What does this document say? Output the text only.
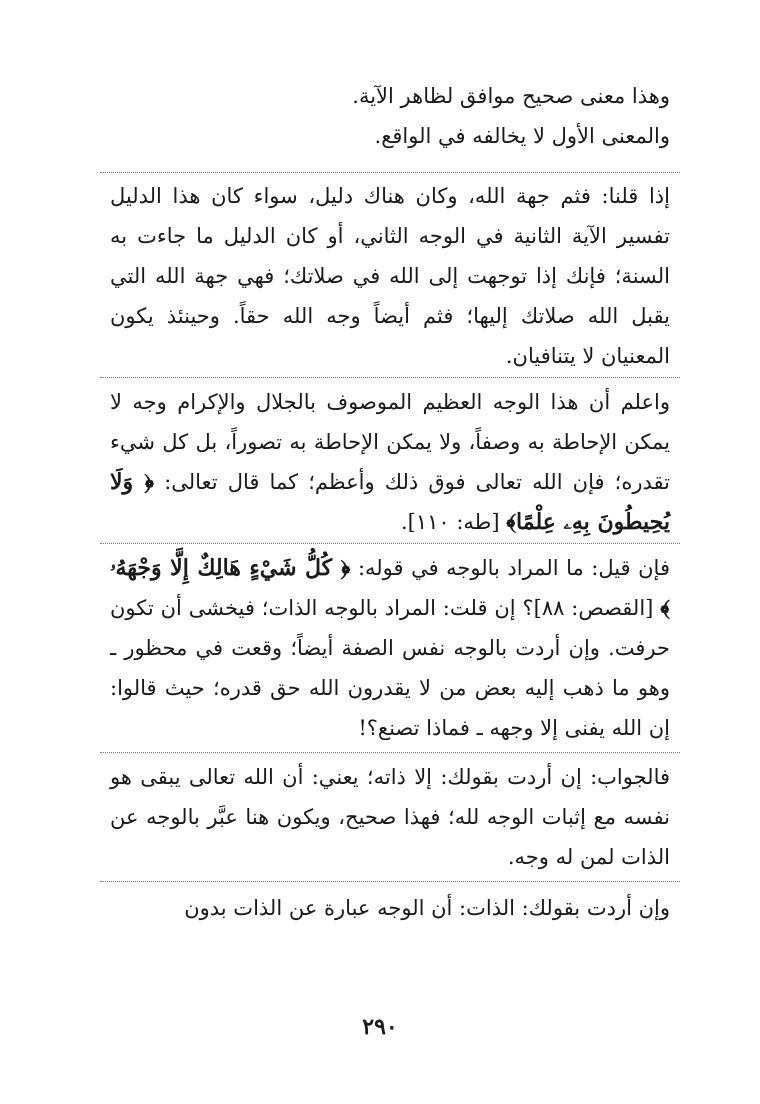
وهذا معنى صحيح موافق لظاهر الآية.
والمعنى الأول لا يخالفه في الواقع.

إذا قلنا: فثم جهة الله، وكان هناك دليل، سواء كان هذا الدليل تفسير الآية الثانية في الوجه الثاني، أو كان الدليل ما جاءت به السنة؛ فإنك إذا توجهت إلى الله في صلاتك؛ فهي جهة الله التي يقبل الله صلاتك إليها؛ فثم أيضاً وجه الله حقاً. وحينئذ يكون المعنيان لا يتنافيان.

واعلم أن هذا الوجه العظيم الموصوف بالجلال والإكرام وجه لا يمكن الإحاطة به وصفاً، ولا يمكن الإحاطة به تصوراً، بل كل شيء تقدره؛ فإن الله تعالى فوق ذلك وأعظم؛ كما قال تعالى: ﴿ وَلَا يُحِيطُونَ بِهِۦ عِلْمًا﴾ [طه: ١١٠].

فإن قيل: ما المراد بالوجه في قوله: ﴿ كُلُّ شَيْءٍ هَالِكٌ إِلَّا وَجْهَهُۥ ﴾ [القصص: ٨٨]؟ إن قلت: المراد بالوجه الذات؛ فيخشى أن تكون حرفت. وإن أردت بالوجه نفس الصفة أيضاً؛ وقعت في محظور ـ وهو ما ذهب إليه بعض من لا يقدرون الله حق قدره؛ حيث قالوا: إن الله يفنى إلا وجهه ـ فماذا تصنع؟!

فالجواب: إن أردت بقولك: إلا ذاته؛ يعني: أن الله تعالى يبقى هو نفسه مع إثبات الوجه لله؛ فهذا صحيح، ويكون هنا عبَّر بالوجه عن الذات لمن له وجه.

وإن أردت بقولك: الذات: أن الوجه عبارة عن الذات بدون

٢٩٠
